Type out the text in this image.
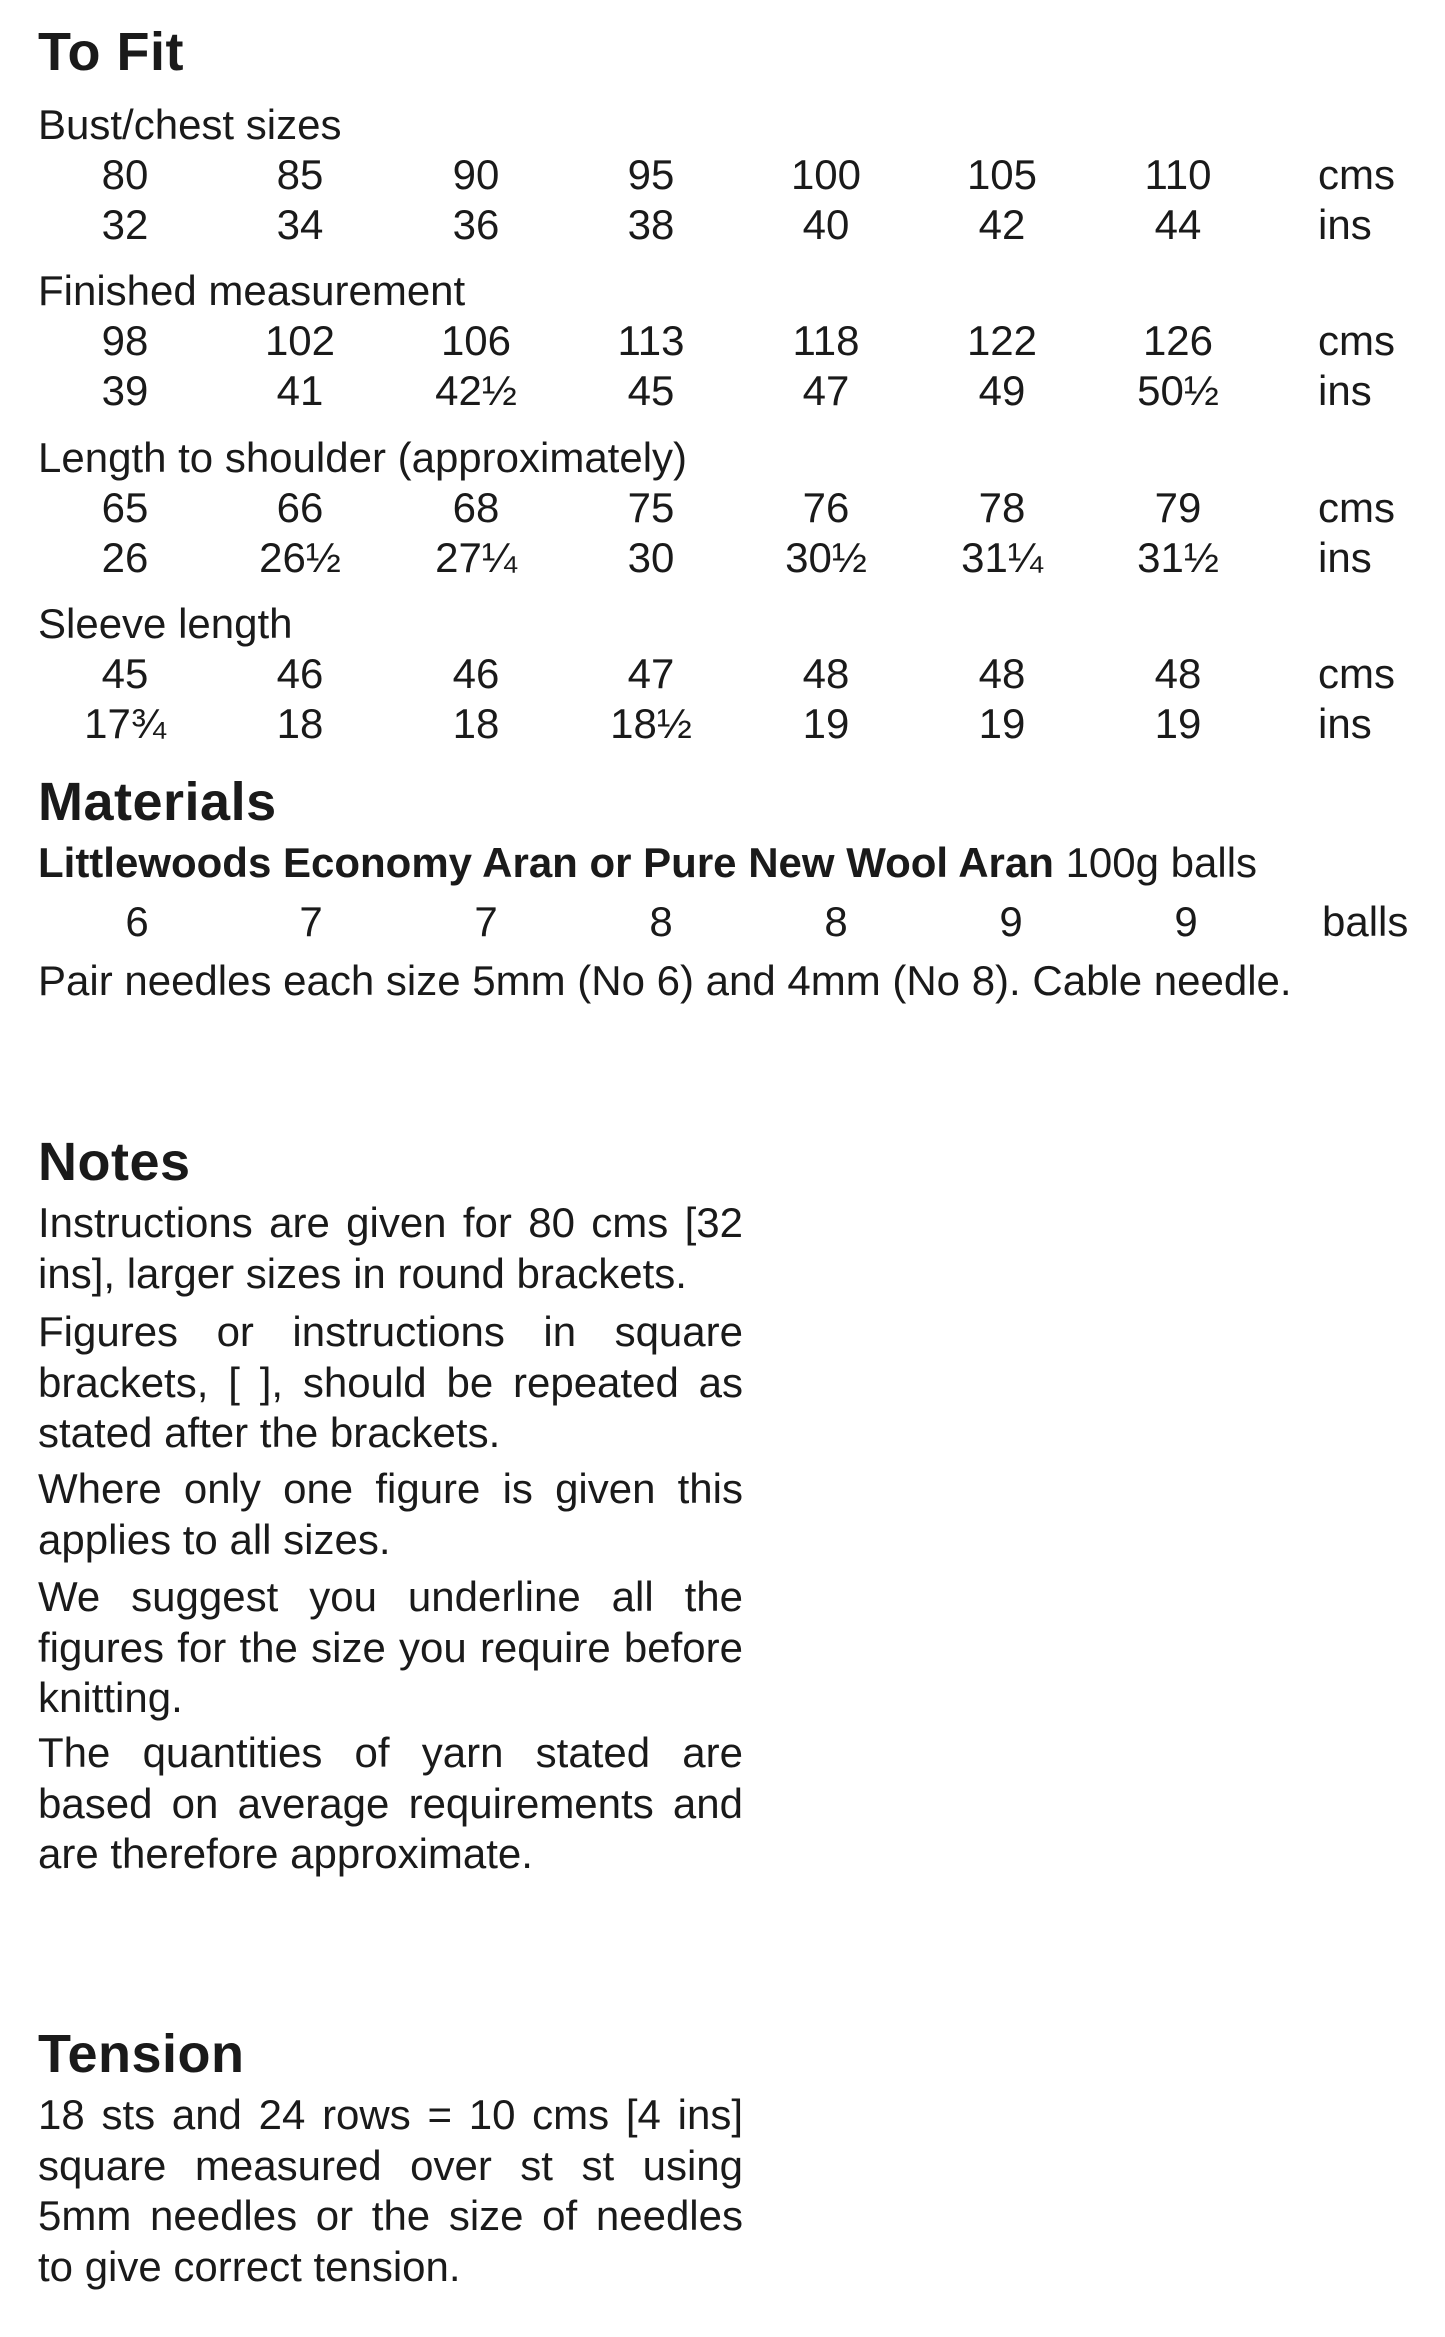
To Fit
Bust/chest sizes
80	85	90	95	100	105	110	cms
32	34	36	38	40	42	44	ins
Finished measurement
98	102	106	113	118	122	126	cms
39	41	42½	45	47	49	50½	ins
Length to shoulder (approximately)
65	66	68	75	76	78	79	cms
26	26½	27¼	30	30½	31¼	31½	ins
Sleeve length
45	46	46	47	48	48	48	cms
17¾	18	18	18½	19	19	19	ins
Materials
Littlewoods Economy Aran or Pure New Wool Aran 100g balls
6	7	7	8	8	9	9	balls
Pair needles each size 5mm (No 6) and 4mm (No 8). Cable needle.
Notes

Instructions are given for 80 cms [32 ins], larger sizes in round brackets.

Figures or instructions in square brackets, [ ], should be repeated as stated after the brackets.

Where only one figure is given this applies to all sizes.

We suggest you underline all the figures for the size you require before knitting.

The quantities of yarn stated are based on average requirements and are therefore approximate.

Tension

18 sts and 24 rows = 10 cms [4 ins] square measured over st st using 5mm needles or the size of needles to give correct tension.
